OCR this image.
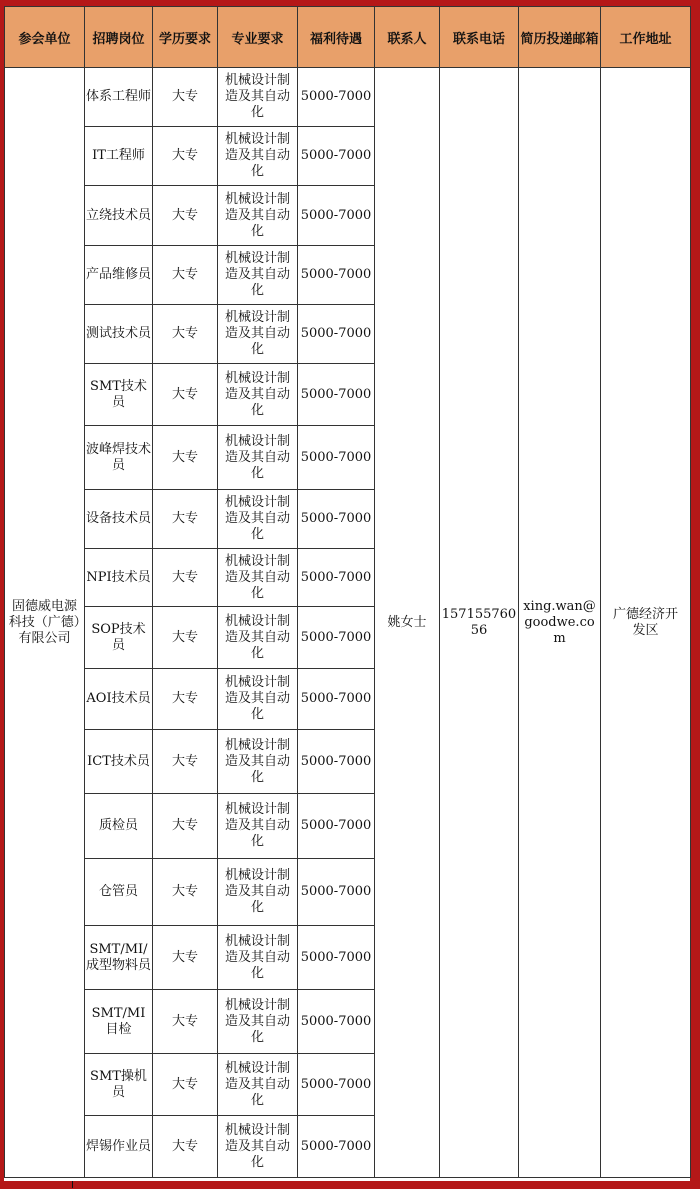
参会单位	招聘岗位	学历要求	专业要求	福利待遇	联系人	联系电话	简历投递邮箱	工作地址
固德威电源科技（广德）有限公司	体系工程师	大专	机械设计制造及其自动化	5000-7000	姚女士	15715576056	xing.wan@goodwe.com	广德经济开发区
	IT工程师	大专	机械设计制造及其自动化	5000-7000				
	立绕技术员	大专	机械设计制造及其自动化	5000-7000				
	产品维修员	大专	机械设计制造及其自动化	5000-7000				
	测试技术员	大专	机械设计制造及其自动化	5000-7000				
	SMT技术员	大专	机械设计制造及其自动化	5000-7000				
	波峰焊技术员	大专	机械设计制造及其自动化	5000-7000				
	设备技术员	大专	机械设计制造及其自动化	5000-7000				
	NPI技术员	大专	机械设计制造及其自动化	5000-7000				
	SOP技术员	大专	机械设计制造及其自动化	5000-7000				
	AOI技术员	大专	机械设计制造及其自动化	5000-7000				
	ICT技术员	大专	机械设计制造及其自动化	5000-7000				
	质检员	大专	机械设计制造及其自动化	5000-7000				
	仓管员	大专	机械设计制造及其自动化	5000-7000				
	SMT/MI/成型物料员	大专	机械设计制造及其自动化	5000-7000				
	SMT/MI目检	大专	机械设计制造及其自动化	5000-7000				
	SMT操机员	大专	机械设计制造及其自动化	5000-7000				
	焊锡作业员	大专	机械设计制造及其自动化	5000-7000				
